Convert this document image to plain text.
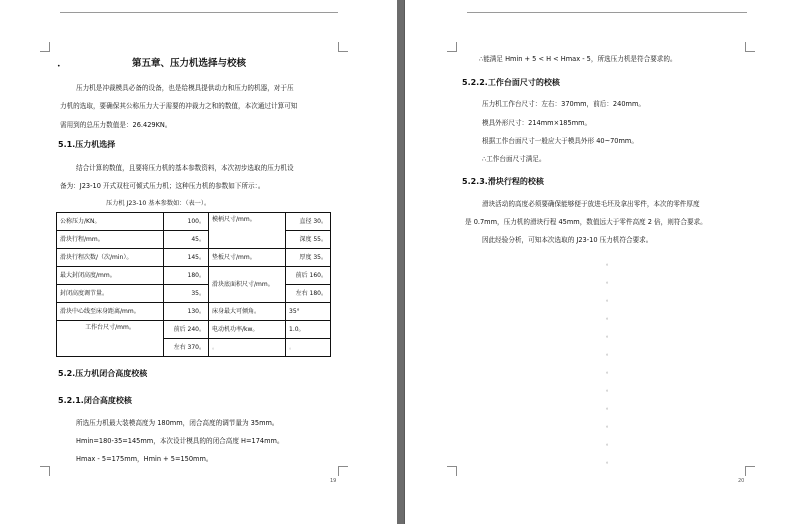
•	第五章、压力机选择与校核
压力机是冲裁模具必备的设备，也是给模具提供动力和压力的机器，对于压
力机的选取，要确保其公称压力大于需要的冲裁力之和的数值，本次通过计算可知
需用到的总压力数值是：26.429KN。
5.1.压力机选择
结合计算的数值，且要将压力机的基本参数资料，本次初步选取的压力机设
备为：J23-10 开式双柱可倾式压力机；这种压力机的参数如下所示：。
压力机 J23-10 基本参数如：（表一）。
公称压力/KN。	100。	模柄尺寸/mm。	直径 30。
滑块行程/mm。	45。		深度 55。
滑块行程次数/（次/min）。	145。	垫板尺寸/mm。	厚度 35。
最大封闭高度/mm。	180。	滑块底面积尺寸/mm。	前后 160。
封闭高度调节量。	35。		左右 180。
滑块中心线至床身距离/mm。	130。	床身最大可倾角。	35°
工作台尺寸/mm。	前后 240。	电动机功率/kw。	1.0。
	左右 370。	。	。
5.2.压力机闭合高度校核
5.2.1.闭合高度校核
所选压力机最大装模高度为 180mm，闭合高度的调节量为 35mm。
Hmin=180-35=145mm，本次设计模具的的闭合高度 H=174mm。
Hmax - 5=175mm，Hmin + 5=150mm。
19
∴能满足 Hmin + 5 < H < Hmax - 5，所选压力机是符合要求的。
5.2.2.工作台面尺寸的校核
压力机工作台尺寸：左右：370mm，前后：240mm。
模具外形尺寸：214mm×185mm。
根据工作台面尺寸一般应大于模具外形 40~70mm。
∴工作台面尺寸满足。
5.2.3.滑块行程的校核
滑块活动的高度必须要确保能够便于放进毛坯及拿出零件，本次的零件厚度
是 0.7mm，压力机的滑块行程 45mm，数值远大于零件高度 2 倍，则符合要求。
因此经验分析，可知本次选取的 J23-10 压力机符合要求。
。
。
。
。
。
。
。
。
。
。
。
。
20
